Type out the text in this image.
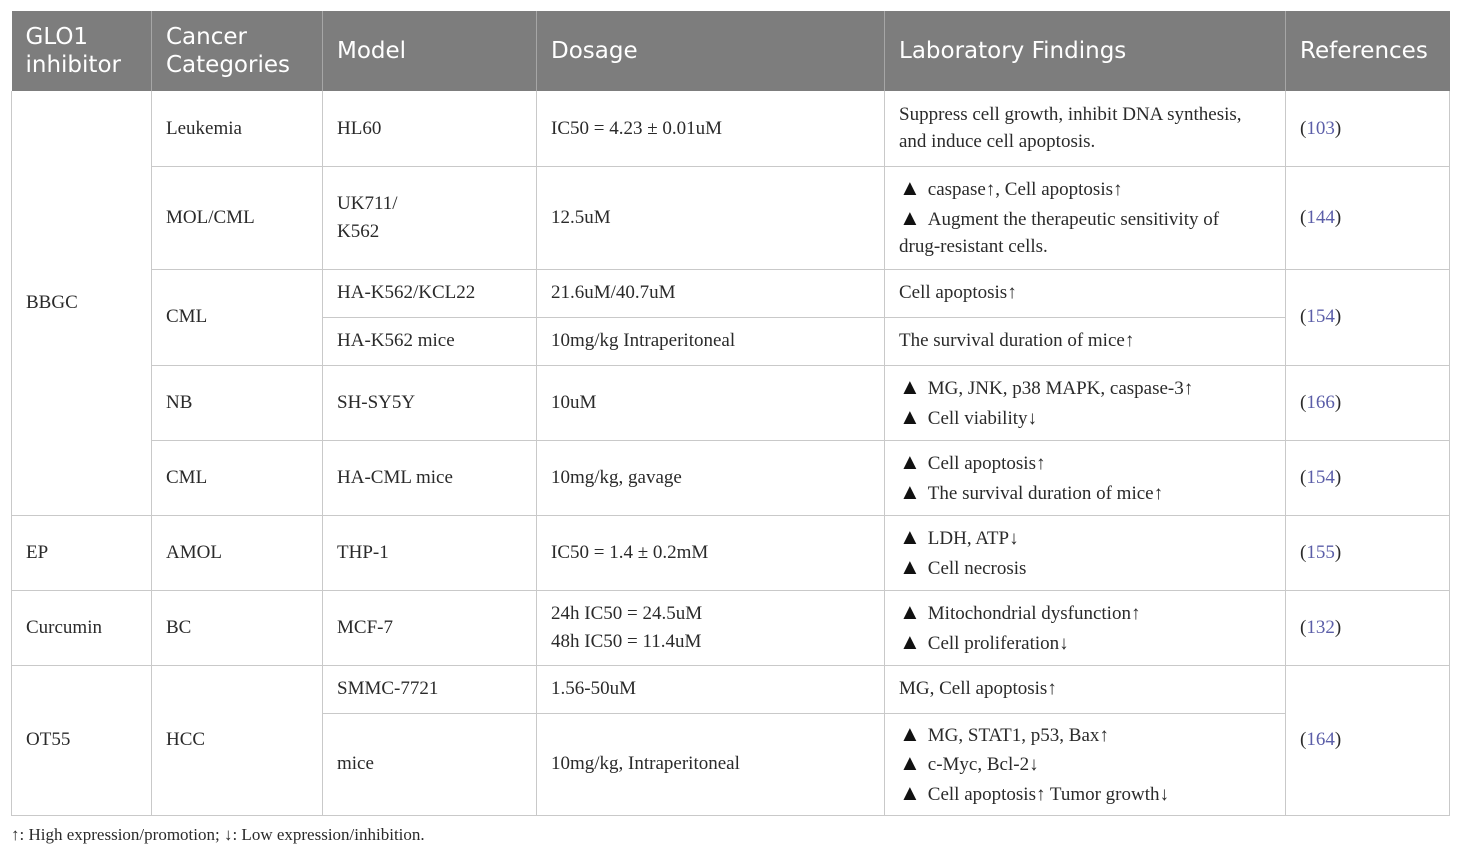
GLO1 inhibitor	Cancer Categories	Model	Dosage	Laboratory Findings	References
BBGC	Leukemia	HL60	IC50 = 4.23 ± 0.01uM	Suppress cell growth, inhibit DNA synthesis,
and induce cell apoptosis.	(103)
	MOL/CML	UK711/
K562	12.5uM	▲ caspase↑, Cell apoptosis↑
▲ Augment the therapeutic sensitivity of
drug-resistant cells.	(144)
	CML	HA-K562/KCL22	21.6uM/40.7uM	Cell apoptosis↑	(154)
		HA-K562 mice	10mg/kg Intraperitoneal	The survival duration of mice↑	
	NB	SH-SY5Y	10uM	▲ MG, JNK, p38 MAPK, caspase-3↑
▲ Cell viability↓	(166)
	CML	HA-CML mice	10mg/kg, gavage	▲ Cell apoptosis↑
▲ The survival duration of mice↑	(154)
EP	AMOL	THP-1	IC50 = 1.4 ± 0.2mM	▲ LDH, ATP↓
▲ Cell necrosis	(155)
Curcumin	BC	MCF-7	24h IC50 = 24.5uM
48h IC50 = 11.4uM	▲ Mitochondrial dysfunction↑
▲ Cell proliferation↓	(132)
OT55	HCC	SMMC-7721	1.56-50uM	MG, Cell apoptosis↑	(164)
		mice	10mg/kg, Intraperitoneal	▲ MG, STAT1, p53, Bax↑
▲ c-Myc, Bcl-2↓
▲ Cell apoptosis↑ Tumor growth↓	
↑: High expression/promotion; ↓: Low expression/inhibition.
